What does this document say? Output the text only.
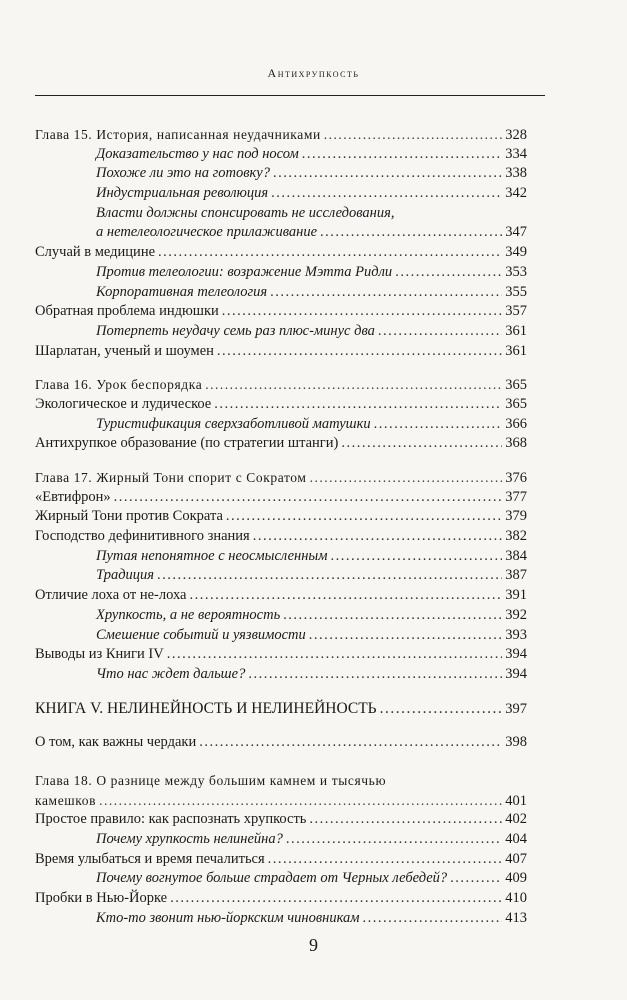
Антихрупкость
Глава 15. История, написанная неудачниками .....	328
Доказательство у нас под носом .....	334
Похоже ли это на готовку? .....	338
Индустриальная революция .....	342
Власти должны спонсировать не исследования,
а нетелеологическое прилаживание .....	347
Случай в медицине .....	349
Против телеологии: возражение Мэтта Ридли .....	353
Корпоративная телеология .....	355
Обратная проблема индюшки .....	357
Потерпеть неудачу семь раз плюс-минус два .....	361
Шарлатан, ученый и шоумен .....	361
Глава 16. Урок беспорядка .....	365
Экологическое и лудическое .....	365
Туристификация сверхзаботливой матушки .....	366
Антихрупкое образование (по стратегии штанги) .....	368
Глава 17. Жирный Тони спорит с Сократом .....	376
«Евтифрон» .....	377
Жирный Тони против Сократа .....	379
Господство дефинитивного знания .....	382
Путая непонятное с неосмысленным .....	384
Традиция .....	387
Отличие лоха от не-лоха .....	391
Хрупкость, а не вероятность .....	392
Смешение событий и уязвимости .....	393
Выводы из Книги IV .....	394
Что нас ждет дальше? .....	394
КНИГА V. НЕЛИНЕЙНОСТЬ И НЕЛИНЕЙНОСТЬ .....	397
О том, как важны чердаки .....	398
Глава 18. О разнице между большим камнем и тысячью
камешков .....	401
Простое правило: как распознать хрупкость .....	402
Почему хрупкость нелинейна? .....	404
Время улыбаться и время печалиться .....	407
Почему вогнутое больше страдает от Черных лебедей? .....	409
Пробки в Нью-Йорке .....	410
Кто-то звонит нью-йоркским чиновникам .....	413
9
